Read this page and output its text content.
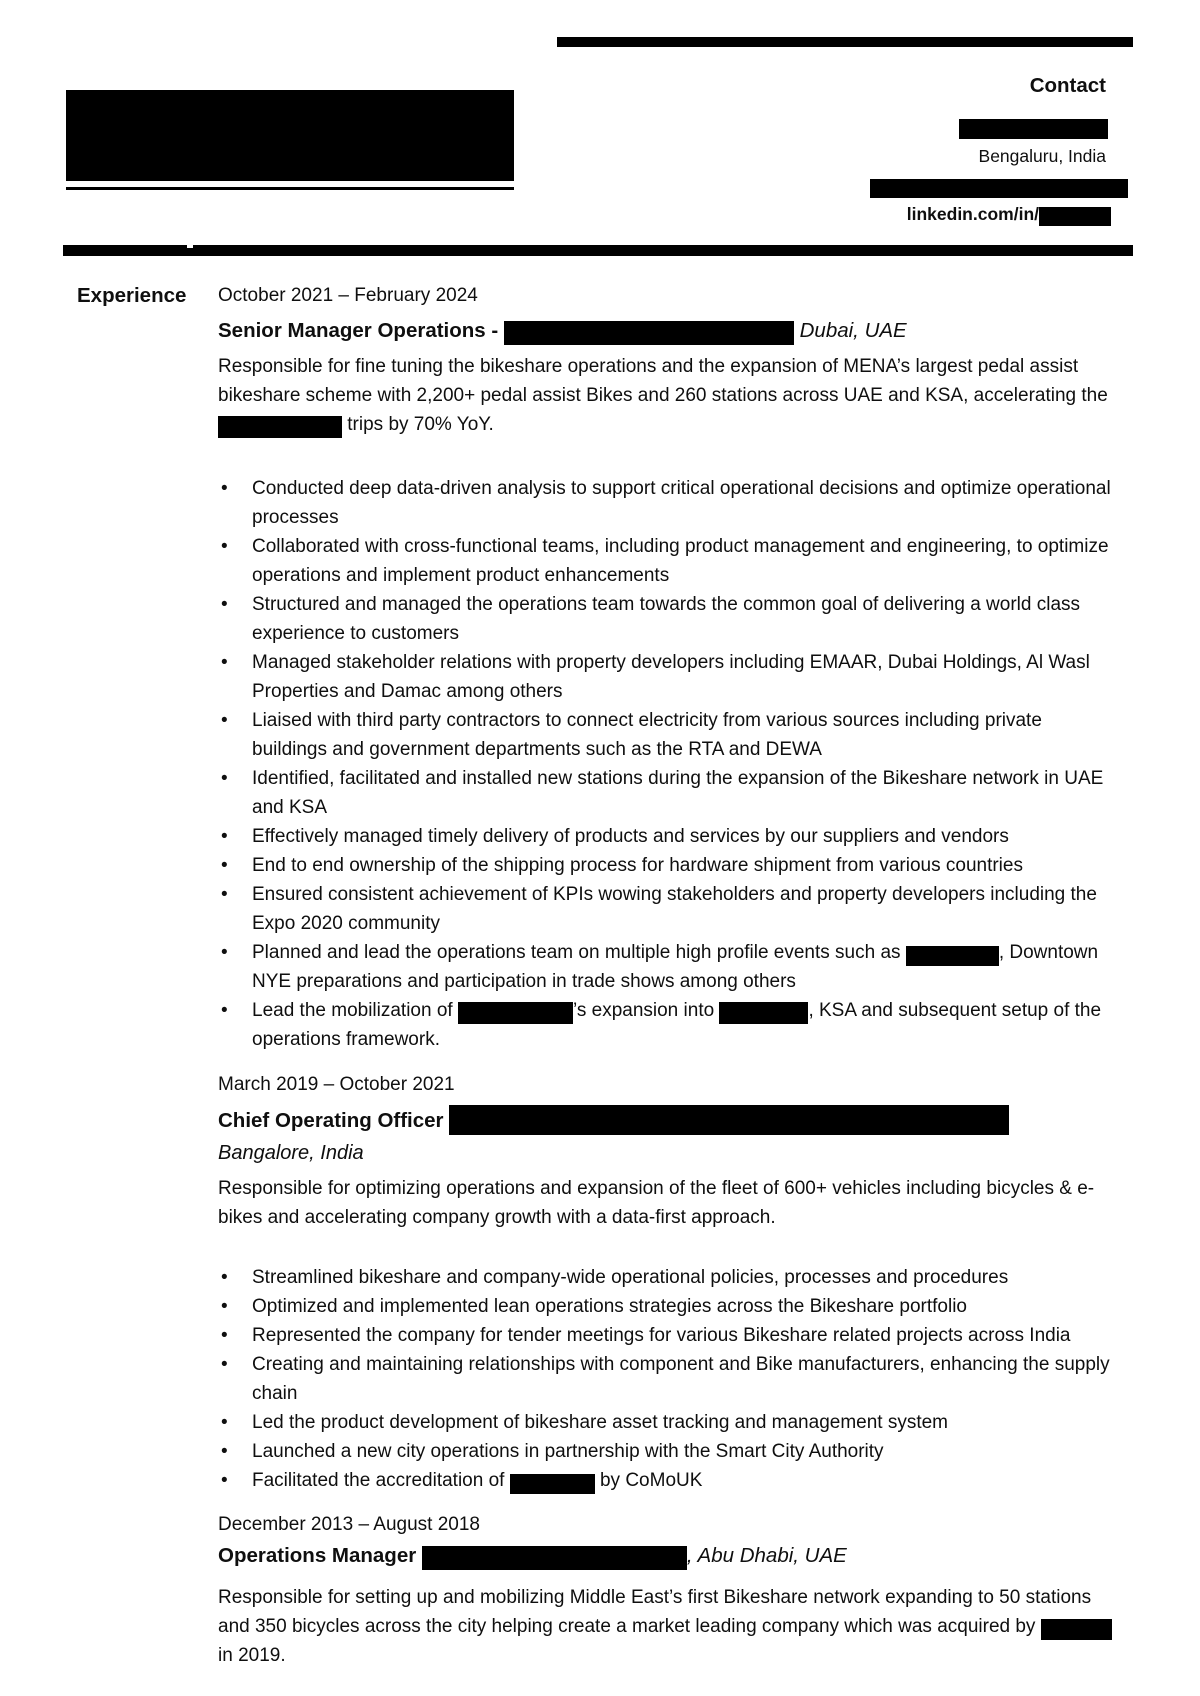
Contact
Bengaluru, India
linkedin.com/in/
Experience October 2021 – February 2024
Senior Manager Operations -	Dubai, UAE
Responsible for fine tuning the bikeshare operations and the expansion of MENA’s largest pedal assist bikeshare scheme with 2,200+ pedal assist Bikes and 260 stations across UAE and KSA, accelerating the  trips by 70% YoY.
• Conducted deep data-driven analysis to support critical operational decisions and optimize operational processes
• Collaborated with cross-functional teams, including product management and engineering, to optimize operations and implement product enhancements
• Structured and managed the operations team towards the common goal of delivering a world class experience to customers
• Managed stakeholder relations with property developers including EMAAR, Dubai Holdings, Al Wasl Properties and Damac among others
• Liaised with third party contractors to connect electricity from various sources including private buildings and government departments such as the RTA and DEWA
• Identified, facilitated and installed new stations during the expansion of the Bikeshare network in UAE and KSA
• Effectively managed timely delivery of products and services by our suppliers and vendors
• End to end ownership of the shipping process for hardware shipment from various countries
• Ensured consistent achievement of KPIs wowing stakeholders and property developers including the Expo 2020 community
• Planned and lead the operations team on multiple high profile events such as	, Downtown NYE preparations and participation in trade shows among others
• Lead the mobilization of	’s expansion into	, KSA and subsequent setup of the operations framework.
March 2019 – October 2021
Chief Operating Officer
Bangalore, India
Responsible for optimizing operations and expansion of the fleet of 600+ vehicles including bicycles & e-bikes and accelerating company growth with a data-first approach.
• Streamlined bikeshare and company-wide operational policies, processes and procedures
• Optimized and implemented lean operations strategies across the Bikeshare portfolio
• Represented the company for tender meetings for various Bikeshare related projects across India
• Creating and maintaining relationships with component and Bike manufacturers, enhancing the supply chain
• Led the product development of bikeshare asset tracking and management system
• Launched a new city operations in partnership with the Smart City Authority
• Facilitated the accreditation of	by CoMoUK
December 2013 – August 2018
Operations Manager	, Abu Dhabi, UAE
Responsible for setting up and mobilizing Middle East’s first Bikeshare network expanding to 50 stations and 350 bicycles across the city helping create a market leading company which was acquired by  in 2019.
